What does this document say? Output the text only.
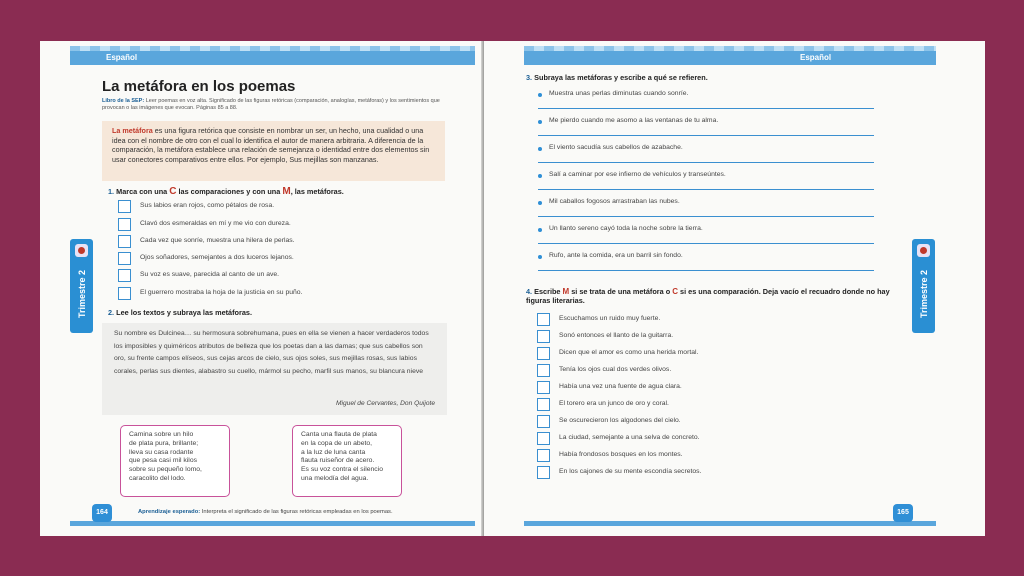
Español
La metáfora en los poemas
Libro de la SEP: Leer poemas en voz alta. Significado de las figuras retóricas (comparación, analogías, metáforas) y los sentimientos que provocan o las imágenes que evocan. Páginas 85 a 88.
La metáfora es una figura retórica que consiste en nombrar un ser, un hecho, una cualidad o una idea con el nombre de otro con el cual lo identifica el autor de manera arbitraria. A diferencia de la comparación, la metáfora establece una relación de semejanza o identidad entre dos elementos sin usar conectores comparativos entre ellos. Por ejemplo, Sus mejillas son manzanas.
1. Marca con una C las comparaciones y con una M, las metáforas.
Sus labios eran rojos, como pétalos de rosa.
Clavó dos esmeraldas en mí y me vio con dureza.
Cada vez que sonríe, muestra una hilera de perlas.
Ojos soñadores, semejantes a dos luceros lejanos.
Su voz es suave, parecida al canto de un ave.
El guerrero mostraba la hoja de la justicia en su puño.
2. Lee los textos y subraya las metáforas.
Su nombre es Dulcinea… su hermosura sobrehumana, pues en ella se vienen a hacer verdaderos todos los imposibles y quiméricos atributos de belleza que los poetas dan a las damas; que sus cabellos son oro, su frente campos elíseos, sus cejas arcos de cielo, sus ojos soles, sus mejillas rosas, sus labios corales, perlas sus dientes, alabastro su cuello, mármol su pecho, marfil sus manos, su blancura nieve
Miguel de Cervantes, Don Quijote
Camina sobre un hilo
de plata pura, brillante;
lleva su casa rodante
que pesa casi mil kilos
sobre su pequeño lomo,
caracolito del lodo.
Canta una flauta de plata
en la copa de un abeto,
a la luz de luna canta
flauta ruiseñor de acero.
Es su voz contra el silencio
una melodía del agua.
Trimestre 2
164	Aprendizaje esperado: Interpreta el significado de las figuras retóricas empleadas en los poemas.
Español
3. Subraya las metáforas y escribe a qué se refieren.
Muestra unas perlas diminutas cuando sonríe.
Me pierdo cuando me asomo a las ventanas de tu alma.
El viento sacudía sus cabellos de azabache.
Salí a caminar por ese infierno de vehículos y transeúntes.
Mil caballos fogosos arrastraban las nubes.
Un llanto sereno cayó toda la noche sobre la tierra.
Rufo, ante la comida, era un barril sin fondo.
4. Escribe M si se trata de una metáfora o C si es una comparación. Deja vacío el recuadro donde no hay figuras literarias.
Escuchamos un ruido muy fuerte.
Sonó entonces el llanto de la guitarra.
Dicen que el amor es como una herida mortal.
Tenía los ojos cual dos verdes olivos.
Había una vez una fuente de agua clara.
El torero era un junco de oro y coral.
Se oscurecieron los algodones del cielo.
La ciudad, semejante a una selva de concreto.
Había frondosos bosques en los montes.
En los cajones de su mente escondía secretos.
Trimestre 2
165
